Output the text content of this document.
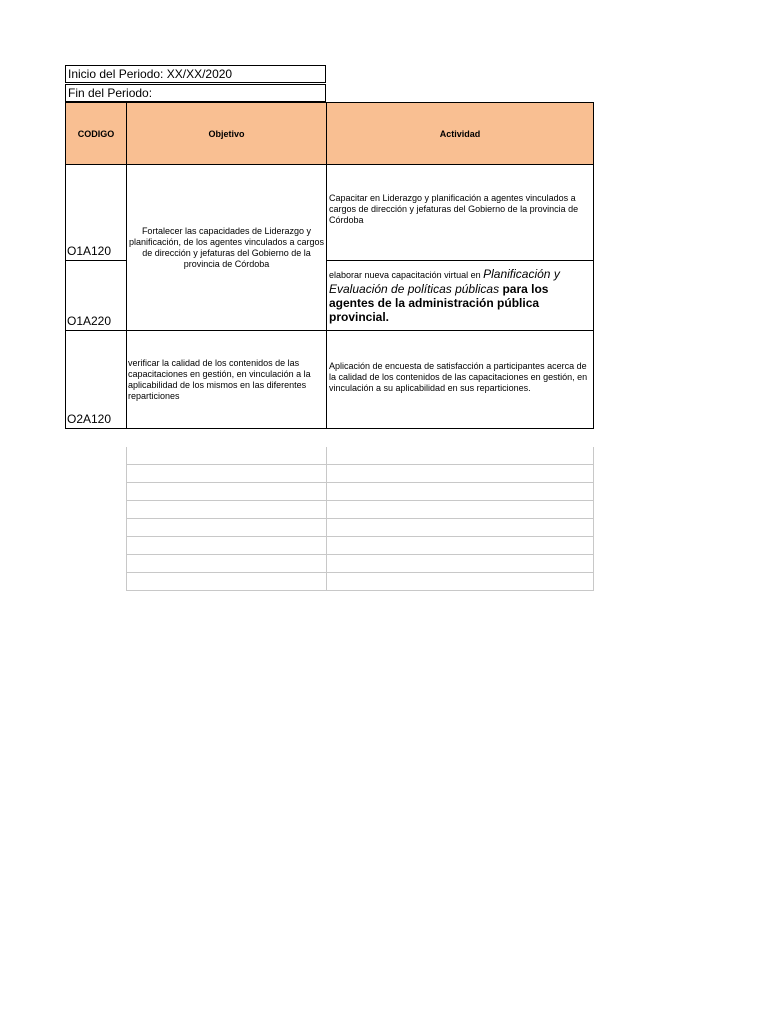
Inicio del Periodo: XX/XX/2020
Fin del Periodo:
CODIGO	Objetivo	Actividad
O1A120	Fortalecer las capacidades de Liderazgo y planificación, de los agentes vinculados a cargos de dirección y jefaturas del Gobierno de la provincia de Córdoba	Capacitar en Liderazgo y planificación a agentes vinculados a cargos de dirección y jefaturas del Gobierno de la provincia de Córdoba
O1A220		elaborar nueva capacitación virtual en Planificación y Evaluación de políticas públicas para los agentes de la administración pública provincial.
O2A120	verificar la calidad de los contenidos de las capacitaciones en gestión, en vinculación a la aplicabilidad de los mismos en las diferentes reparticiones	Aplicación de encuesta de satisfacción a participantes acerca de la calidad de los contenidos de las capacitaciones en gestión, en vinculación a su aplicabilidad en sus reparticiones.
